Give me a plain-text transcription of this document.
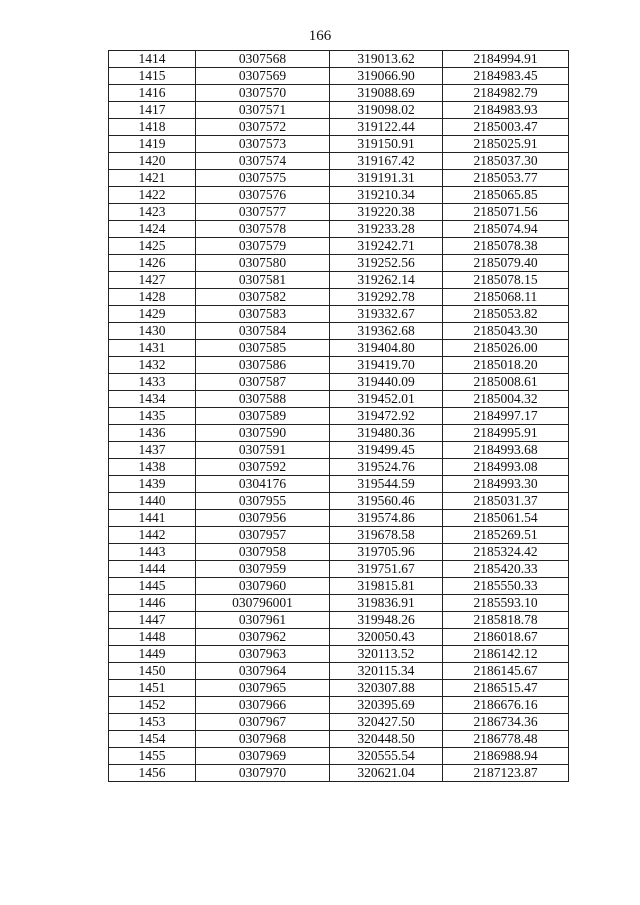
166
1414	0307568	319013.62	2184994.91
1415	0307569	319066.90	2184983.45
1416	0307570	319088.69	2184982.79
1417	0307571	319098.02	2184983.93
1418	0307572	319122.44	2185003.47
1419	0307573	319150.91	2185025.91
1420	0307574	319167.42	2185037.30
1421	0307575	319191.31	2185053.77
1422	0307576	319210.34	2185065.85
1423	0307577	319220.38	2185071.56
1424	0307578	319233.28	2185074.94
1425	0307579	319242.71	2185078.38
1426	0307580	319252.56	2185079.40
1427	0307581	319262.14	2185078.15
1428	0307582	319292.78	2185068.11
1429	0307583	319332.67	2185053.82
1430	0307584	319362.68	2185043.30
1431	0307585	319404.80	2185026.00
1432	0307586	319419.70	2185018.20
1433	0307587	319440.09	2185008.61
1434	0307588	319452.01	2185004.32
1435	0307589	319472.92	2184997.17
1436	0307590	319480.36	2184995.91
1437	0307591	319499.45	2184993.68
1438	0307592	319524.76	2184993.08
1439	0304176	319544.59	2184993.30
1440	0307955	319560.46	2185031.37
1441	0307956	319574.86	2185061.54
1442	0307957	319678.58	2185269.51
1443	0307958	319705.96	2185324.42
1444	0307959	319751.67	2185420.33
1445	0307960	319815.81	2185550.33
1446	030796001	319836.91	2185593.10
1447	0307961	319948.26	2185818.78
1448	0307962	320050.43	2186018.67
1449	0307963	320113.52	2186142.12
1450	0307964	320115.34	2186145.67
1451	0307965	320307.88	2186515.47
1452	0307966	320395.69	2186676.16
1453	0307967	320427.50	2186734.36
1454	0307968	320448.50	2186778.48
1455	0307969	320555.54	2186988.94
1456	0307970	320621.04	2187123.87
